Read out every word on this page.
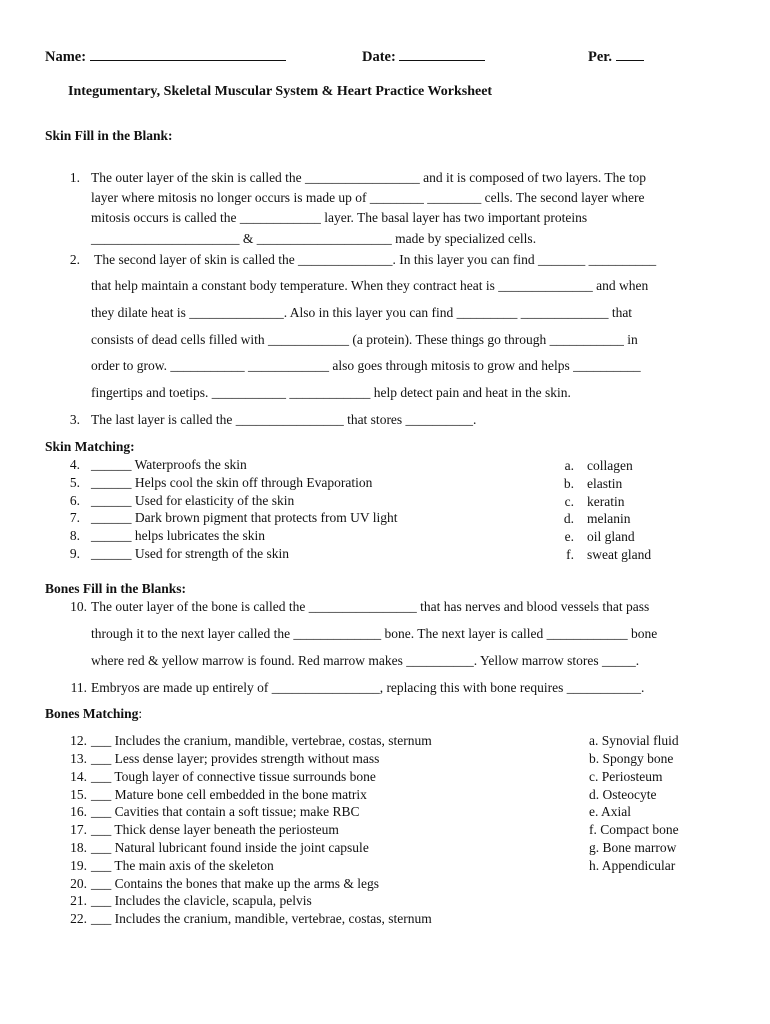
Name:	Date:	Per.
Integumentary, Skeletal Muscular System & Heart Practice Worksheet
Skin Fill in the Blank:
1. The outer layer of the skin is called the _________________ and it is composed of two layers. The top
layer where mitosis no longer occurs is made up of ________ ________ cells. The second layer where
mitosis occurs is called the ____________ layer. The basal layer has two important proteins
______________________ & ____________________ made by specialized cells.
2. The second layer of skin is called the ______________. In this layer you can find _______ __________
that help maintain a constant body temperature. When they contract heat is ______________ and when
they dilate heat is ______________. Also in this layer you can find _________ _____________ that
consists of dead cells filled with ____________ (a protein). These things go through ___________ in
order to grow. ___________ ____________ also goes through mitosis to grow and helps __________
fingertips and toetips. ___________ ____________ help detect pain and heat in the skin.
3. The last layer is called the ________________ that stores __________.
Skin Matching:
4. ______ Waterproofs the skin
5. ______ Helps cool the skin off through Evaporation
6. ______ Used for elasticity of the skin
7. ______ Dark brown pigment that protects from UV light
8. ______ helps lubricates the skin
9. ______ Used for strength of the skin
a. collagen
b. elastin
c. keratin
d. melanin
e. oil gland
f. sweat gland
Bones Fill in the Blanks:
10. The outer layer of the bone is called the ________________ that has nerves and blood vessels that pass
through it to the next layer called the _____________ bone. The next layer is called ____________ bone
where red & yellow marrow is found. Red marrow makes __________. Yellow marrow stores _____.
11. Embryos are made up entirely of ________________, replacing this with bone requires ___________.
Bones Matching:
12. ___ Includes the cranium, mandible, vertebrae, costas, sternum
13. ___ Less dense layer; provides strength without mass
14. ___ Tough layer of connective tissue surrounds bone
15. ___ Mature bone cell embedded in the bone matrix
16. ___ Cavities that contain a soft tissue; make RBC
17. ___ Thick dense layer beneath the periosteum
18. ___ Natural lubricant found inside the joint capsule
19. ___ The main axis of the skeleton
20. ___ Contains the bones that make up the arms & legs
21. ___ Includes the clavicle, scapula, pelvis
22. ___ Includes the cranium, mandible, vertebrae, costas, sternum
a. Synovial fluid
b. Spongy bone
c. Periosteum
d. Osteocyte
e. Axial
f. Compact bone
g. Bone marrow
h. Appendicular
